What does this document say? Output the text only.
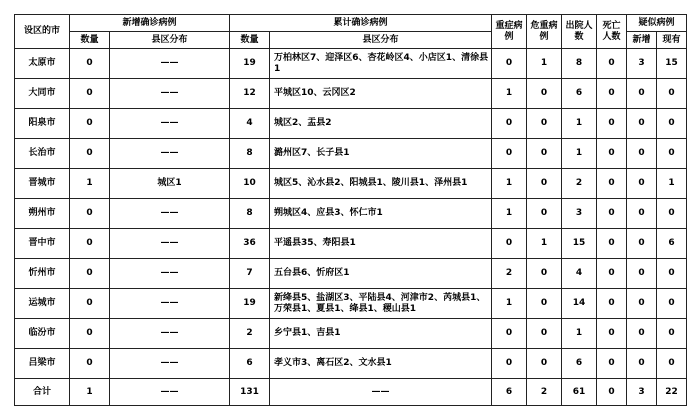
设区的市	新增确诊病例		累计确诊病例		重症病例	危重病例	出院人数	死亡人数	疑似病例	
	数量	县区分布	数量	县区分布					新增	现有
太原市	0	——	19	万柏林区7、迎泽区6、杏花岭区4、小店区1、清徐县1	0	1	8	0	3	15
大同市	0	——	12	平城区10、云冈区2	1	0	6	0	0	0
阳泉市	0	——	4	城区2、盂县2	0	0	1	0	0	0
长治市	0	——	8	潞州区7、长子县1	0	0	1	0	0	0
晋城市	1	城区1	10	城区5、沁水县2、阳城县1、陵川县1、泽州县1	1	0	2	0	0	1
朔州市	0	——	8	朔城区4、应县3、怀仁市1	1	0	3	0	0	0
晋中市	0	——	36	平遥县35、寿阳县1	0	1	15	0	0	6
忻州市	0	——	7	五台县6、忻府区1	2	0	4	0	0	0
运城市	0	——	19	新绛县5、盐湖区3、平陆县4、河津市2、芮城县1、万荣县1、夏县1、绛县1、稷山县1	1	0	14	0	0	0
临汾市	0	——	2	乡宁县1、吉县1	0	0	1	0	0	0
吕梁市	0	——	6	孝义市3、离石区2、文水县1	0	0	6	0	0	0
合计	1	——	131	——	6	2	61	0	3	22
